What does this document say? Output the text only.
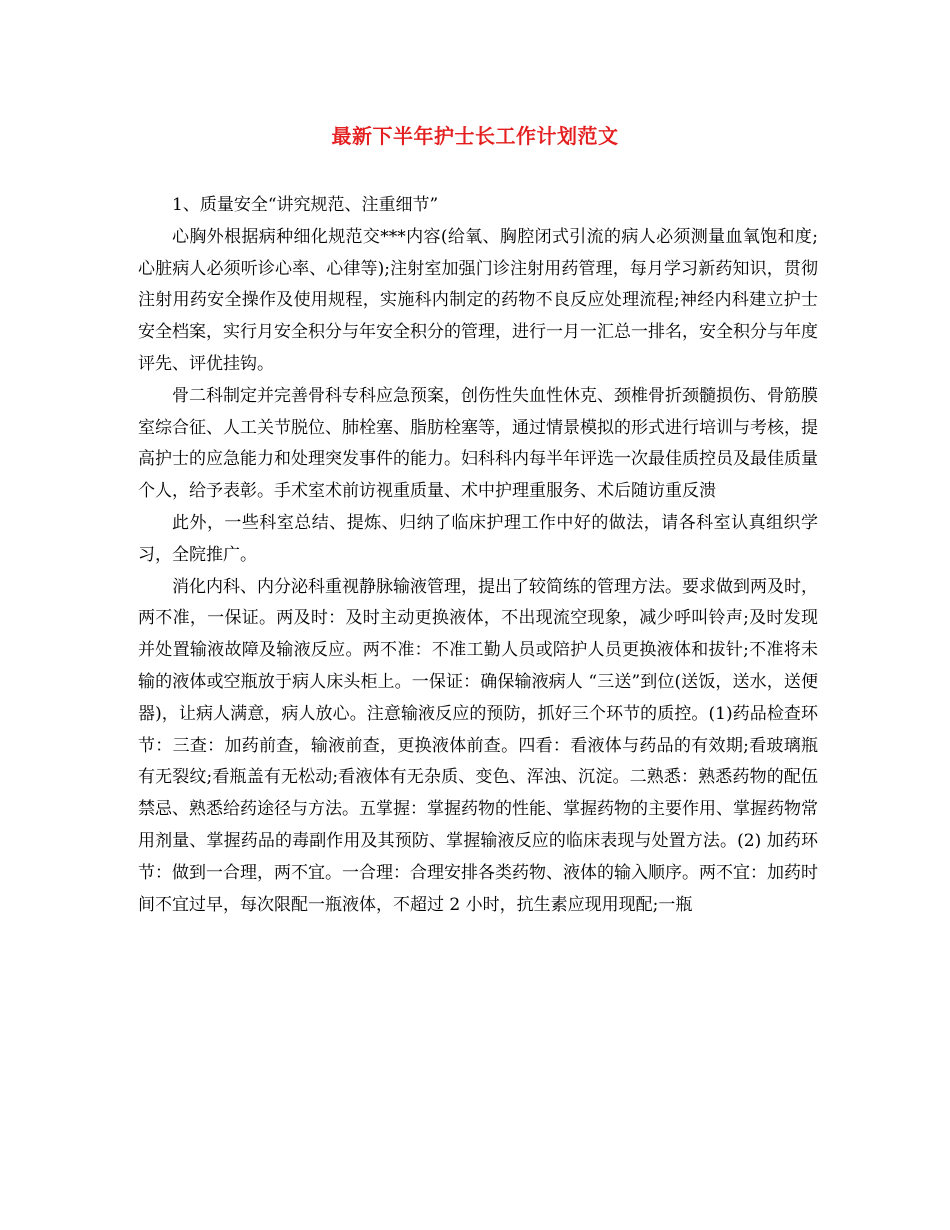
最新下半年护士长工作计划范文

1、质量安全“讲究规范、注重细节”

心胸外根据病种细化规范交***内容(给氧、胸腔闭式引流的病人必须测量血氧饱和度;心脏病人必须听诊心率、心律等);注射室加强门诊注射用药管理，每月学习新药知识，贯彻注射用药安全操作及使用规程，实施科内制定的药物不良反应处理流程;神经内科建立护士安全档案，实行月安全积分与年安全积分的管理，进行一月一汇总一排名，安全积分与年度评先、评优挂钩。

骨二科制定并完善骨科专科应急预案，创伤性失血性休克、颈椎骨折颈髓损伤、骨筋膜室综合征、人工关节脱位、肺栓塞、脂肪栓塞等，通过情景模拟的形式进行培训与考核，提高护士的应急能力和处理突发事件的能力。妇科科内每半年评选一次最佳质控员及最佳质量个人，给予表彰。手术室术前访视重质量、术中护理重服务、术后随访重反溃

此外，一些科室总结、提炼、归纳了临床护理工作中好的做法，请各科室认真组织学习，全院推广。

消化内科、内分泌科重视静脉输液管理，提出了较简练的管理方法。要求做到两及时，两不准，一保证。两及时：及时主动更换液体，不出现流空现象，减少呼叫铃声;及时发现并处置输液故障及输液反应。两不准：不准工勤人员或陪护人员更换液体和拔针;不准将未输的液体或空瓶放于病人床头柜上。一保证：确保输液病人 “三送”到位(送饭，送水，送便器)，让病人满意，病人放心。注意输液反应的预防，抓好三个环节的质控。(1)药品检查环节：三查：加药前查，输液前查，更换液体前查。四看：看液体与药品的有效期;看玻璃瓶有无裂纹;看瓶盖有无松动;看液体有无杂质、变色、浑浊、沉淀。二熟悉：熟悉药物的配伍禁忌、熟悉给药途径与方法。五掌握：掌握药物的性能、掌握药物的主要作用、掌握药物常用剂量、掌握药品的毒副作用及其预防、掌握输液反应的临床表现与处置方法。(2) 加药环节：做到一合理，两不宜。一合理：合理安排各类药物、液体的输入顺序。两不宜：加药时间不宜过早，每次限配一瓶液体，不超过 2 小时，抗生素应现用现配;一瓶
